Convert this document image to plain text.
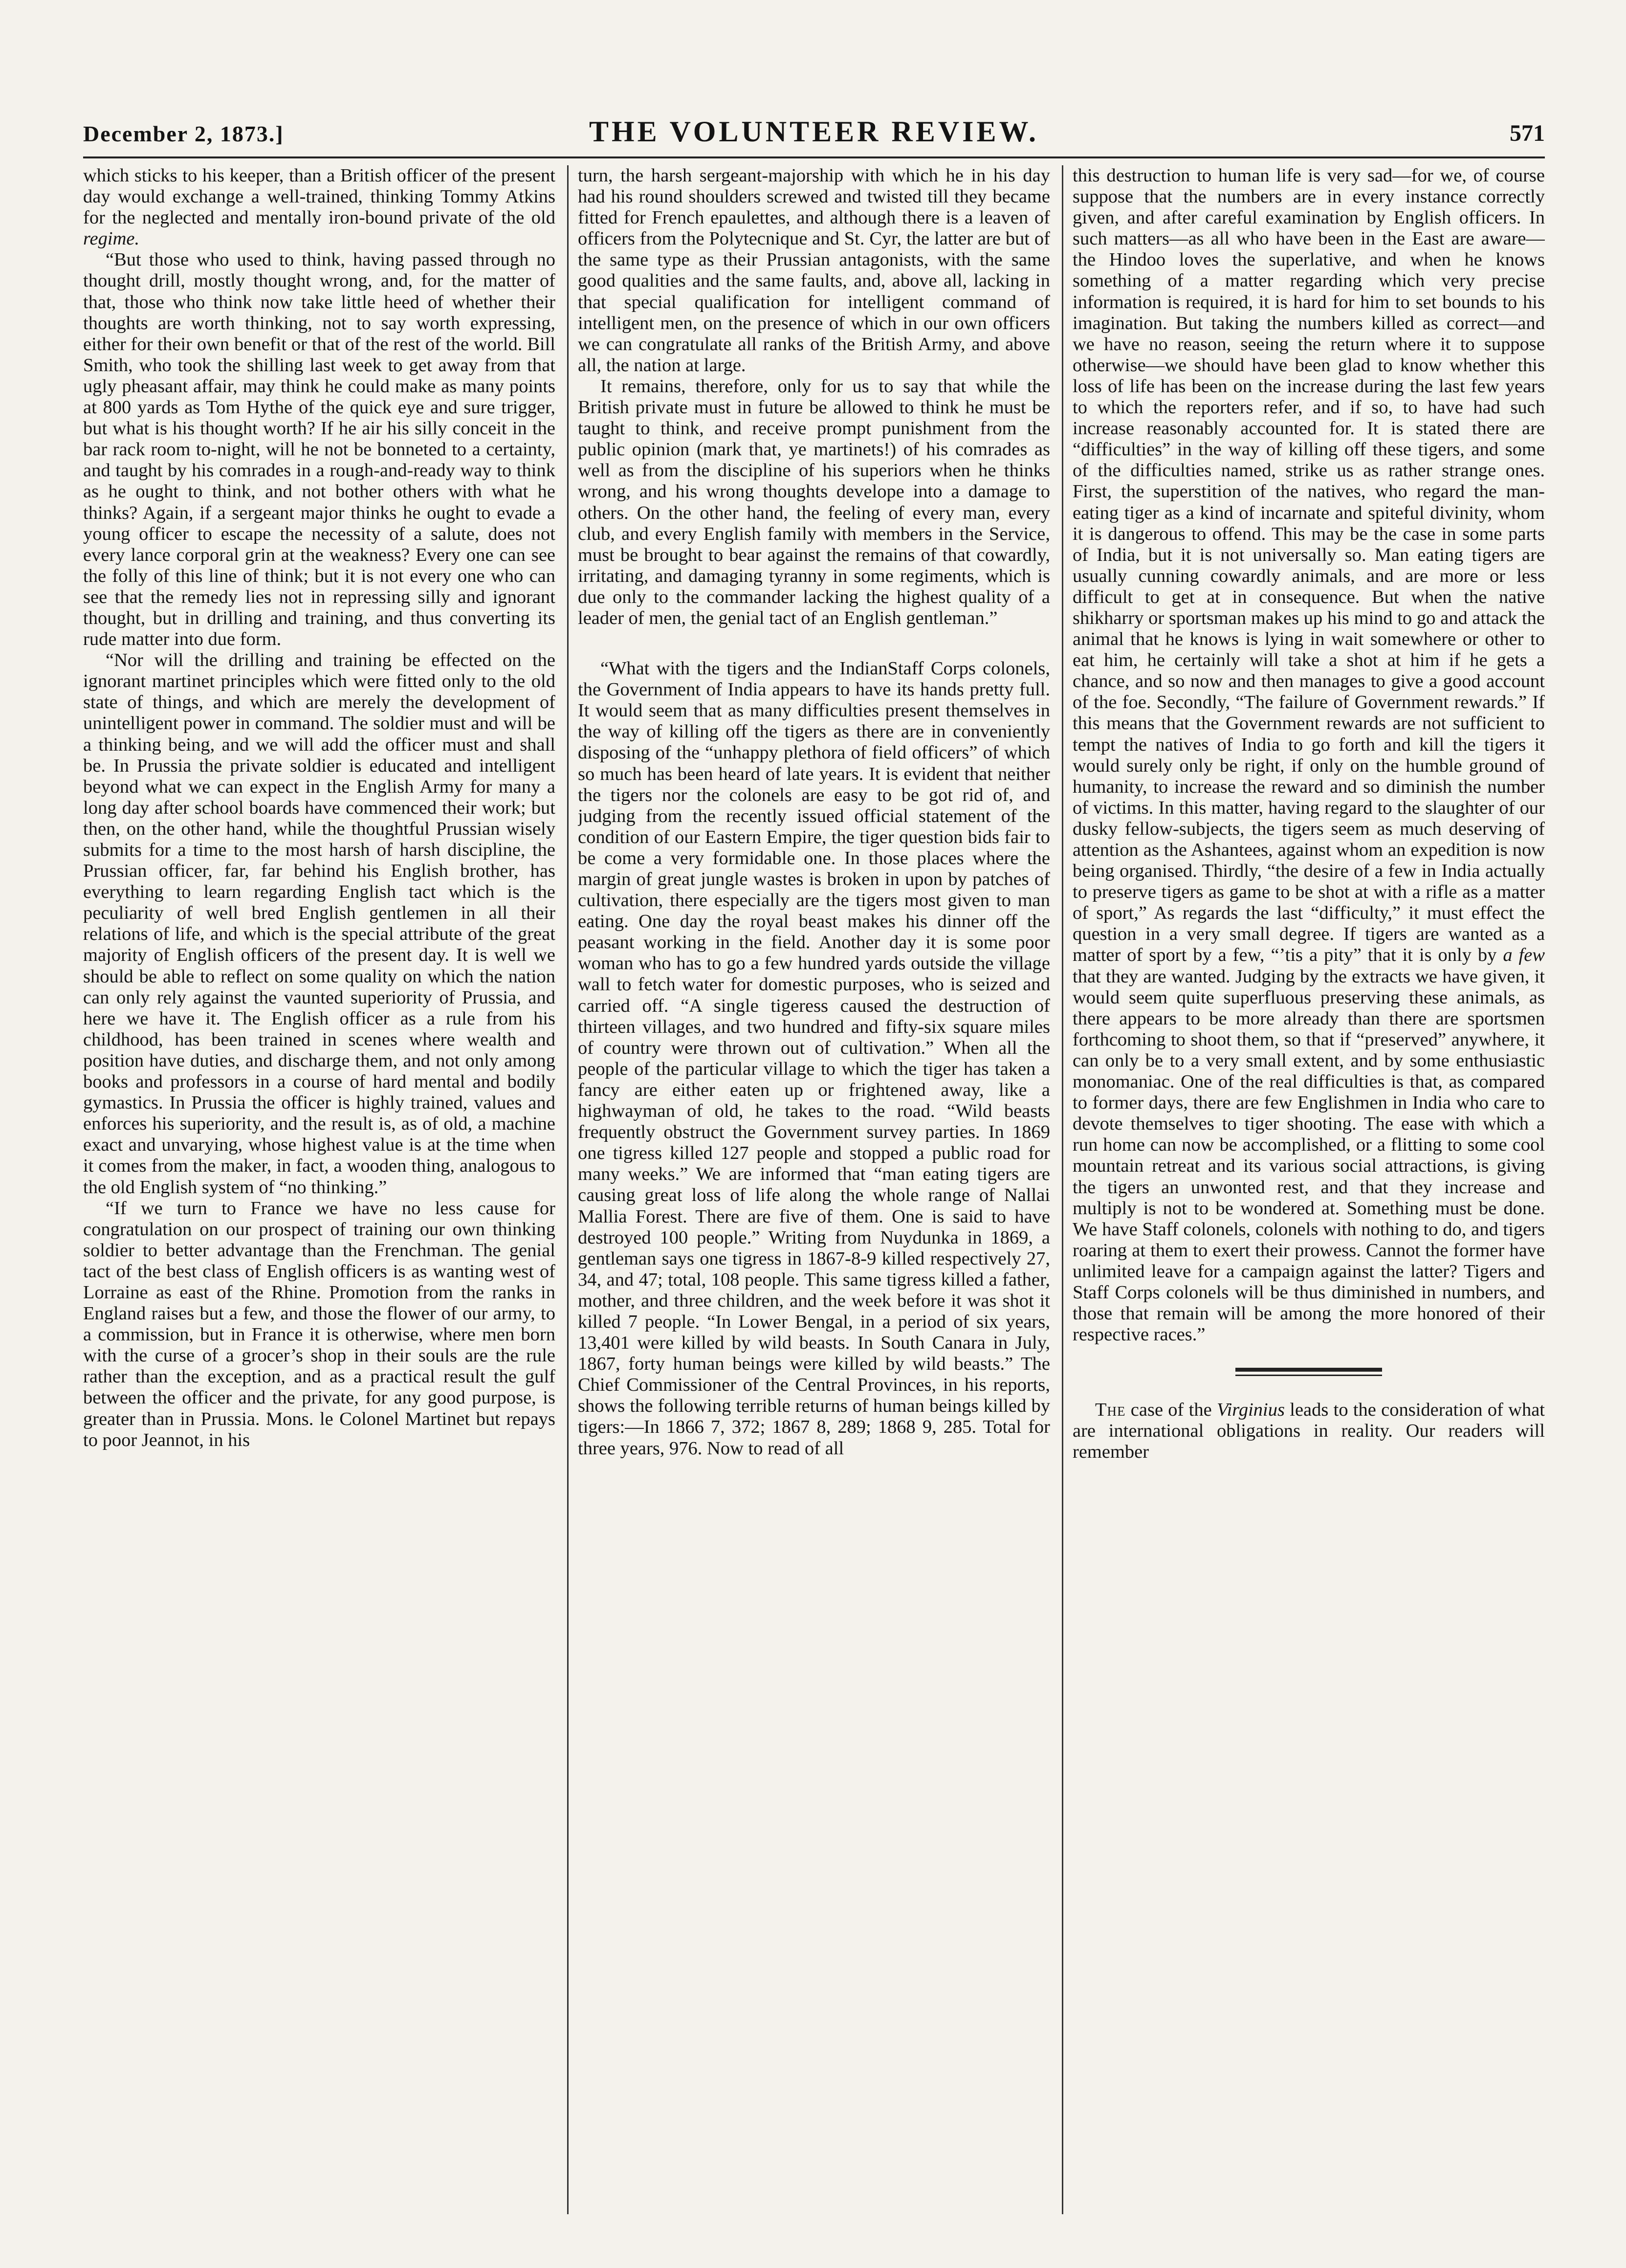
December 2, 1873.]	THE VOLUNTEER REVIEW.	571

which sticks to his keeper, than a British officer of the present day would exchange a well-trained, thinking Tommy Atkins for the neglected and mentally iron-bound private of the old regime.

“But those who used to think, having passed through no thought drill, mostly thought wrong, and, for the matter of that, those who think now take little heed of whether their thoughts are worth thinking, not to say worth expressing, either for their own benefit or that of the rest of the world. Bill Smith, who took the shilling last week to get away from that ugly pheasant affair, may think he could make as many points at 800 yards as Tom Hythe of the quick eye and sure trigger, but what is his thought worth? If he air his silly conceit in the bar rack room to-night, will he not be bonneted to a certainty, and taught by his comrades in a rough-and-ready way to think as he ought to think, and not bother others with what he thinks? Again, if a sergeant major thinks he ought to evade a young officer to escape the necessity of a salute, does not every lance corporal grin at the weakness? Every one can see the folly of this line of think; but it is not every one who can see that the remedy lies not in repressing silly and ignorant thought, but in drilling and training, and thus converting its rude matter into due form.

“Nor will the drilling and training be effected on the ignorant martinet principles which were fitted only to the old state of things, and which are merely the development of unintelligent power in command. The soldier must and will be a thinking being, and we will add the officer must and shall be. In Prussia the private soldier is educated and intelligent beyond what we can expect in the English Army for many a long day after school boards have commenced their work; but then, on the other hand, while the thoughtful Prussian wisely submits for a time to the most harsh of harsh discipline, the Prussian officer, far, far behind his English brother, has everything to learn regarding English tact which is the peculiarity of well bred English gentlemen in all their relations of life, and which is the special attribute of the great majority of English officers of the present day. It is well we should be able to reflect on some quality on which the nation can only rely against the vaunted superiority of Prussia, and here we have it. The English officer as a rule from his childhood, has been trained in scenes where wealth and position have duties, and discharge them, and not only among books and professors in a course of hard mental and bodily gymastics. In Prussia the officer is highly trained, values and enforces his superiority, and the result is, as of old, a machine exact and unvarying, whose highest value is at the time when it comes from the maker, in fact, a wooden thing, analogous to the old English system of “no thinking.”

“If we turn to France we have no less cause for congratulation on our prospect of training our own thinking soldier to better advantage than the Frenchman. The genial tact of the best class of English officers is as wanting west of Lorraine as east of the Rhine. Promotion from the ranks in England raises but a few, and those the flower of our army, to a commission, but in France it is otherwise, where men born with the curse of a grocer’s shop in their souls are the rule rather than the exception, and as a practical result the gulf between the officer and the private, for any good purpose, is greater than in Prussia. Mons. le Colonel Martinet but repays to poor Jeannot, in his

turn, the harsh sergeant-majorship with which he in his day had his round shoulders screwed and twisted till they became fitted for French epaulettes, and although there is a leaven of officers from the Polytecnique and St. Cyr, the latter are but of the same type as their Prussian antagonists, with the same good qualities and the same faults, and, above all, lacking in that special qualification for intelligent command of intelligent men, on the presence of which in our own officers we can congratulate all ranks of the British Army, and above all, the nation at large.

It remains, therefore, only for us to say that while the British private must in future be allowed to think he must be taught to think, and receive prompt punishment from the public opinion (mark that, ye martinets!) of his comrades as well as from the discipline of his superiors when he thinks wrong, and his wrong thoughts develope into a damage to others. On the other hand, the feeling of every man, every club, and every English family with members in the Service, must be brought to bear against the remains of that cowardly, irritating, and damaging tyranny in some regiments, which is due only to the commander lacking the highest quality of a leader of men, the genial tact of an English gentleman.”

“What with the tigers and the IndianStaff Corps colonels, the Government of India appears to have its hands pretty full. It would seem that as many difficulties present themselves in the way of killing off the tigers as there are in conveniently disposing of the “unhappy plethora of field officers” of which so much has been heard of late years. It is evident that neither the tigers nor the colonels are easy to be got rid of, and judging from the recently issued official statement of the condition of our Eastern Empire, the tiger question bids fair to be come a very formidable one. In those places where the margin of great jungle wastes is broken in upon by patches of cultivation, there especially are the tigers most given to man eating. One day the royal beast makes his dinner off the peasant working in the field. Another day it is some poor woman who has to go a few hundred yards outside the village wall to fetch water for domestic purposes, who is seized and carried off. “A single tigeress caused the destruction of thirteen villages, and two hundred and fifty-six square miles of country were thrown out of cultivation.” When all the people of the particular village to which the tiger has taken a fancy are either eaten up or frightened away, like a highwayman of old, he takes to the road. “Wild beasts frequently obstruct the Government survey parties. In 1869 one tigress killed 127 people and stopped a public road for many weeks.” We are informed that “man eating tigers are causing great loss of life along the whole range of Nallai Mallia Forest. There are five of them. One is said to have destroyed 100 people.” Writing from Nuydunka in 1869, a gentleman says one tigress in 1867-8-9 killed respectively 27, 34, and 47; total, 108 people. This same tigress killed a father, mother, and three children, and the week before it was shot it killed 7 people. “In Lower Bengal, in a period of six years, 13,401 were killed by wild beasts. In South Canara in July, 1867, forty human beings were killed by wild beasts.” The Chief Commissioner of the Central Provinces, in his reports, shows the following terrible returns of human beings killed by tigers:—In 1866 7, 372; 1867 8, 289; 1868 9, 285. Total for three years, 976. Now to read of all

this destruction to human life is very sad—for we, of course suppose that the numbers are in every instance correctly given, and after careful examination by English officers. In such matters—as all who have been in the East are aware—the Hindoo loves the superlative, and when he knows something of a matter regarding which very precise information is required, it is hard for him to set bounds to his imagination. But taking the numbers killed as correct—and we have no reason, seeing the return where it to suppose otherwise—we should have been glad to know whether this loss of life has been on the increase during the last few years to which the reporters refer, and if so, to have had such increase reasonably accounted for. It is stated there are “difficulties” in the way of killing off these tigers, and some of the difficulties named, strike us as rather strange ones. First, the superstition of the natives, who regard the man-eating tiger as a kind of incarnate and spiteful divinity, whom it is dangerous to offend. This may be the case in some parts of India, but it is not universally so. Man eating tigers are usually cunning cowardly animals, and are more or less difficult to get at in consequence. But when the native shikharry or sportsman makes up his mind to go and attack the animal that he knows is lying in wait somewhere or other to eat him, he certainly will take a shot at him if he gets a chance, and so now and then manages to give a good account of the foe. Secondly, “The failure of Government rewards.” If this means that the Government rewards are not sufficient to tempt the natives of India to go forth and kill the tigers it would surely only be right, if only on the humble ground of humanity, to increase the reward and so diminish the number of victims. In this matter, having regard to the slaughter of our dusky fellow-subjects, the tigers seem as much deserving of attention as the Ashantees, against whom an expedition is now being organised. Thirdly, “the desire of a few in India actually to preserve tigers as game to be shot at with a rifle as a matter of sport,” As regards the last “difficulty,” it must effect the question in a very small degree. If tigers are wanted as a matter of sport by a few, “’tis a pity” that it is only by a few that they are wanted. Judging by the extracts we have given, it would seem quite superfluous preserving these animals, as there appears to be more already than there are sportsmen forthcoming to shoot them, so that if “preserved” anywhere, it can only be to a very small extent, and by some enthusiastic monomaniac. One of the real difficulties is that, as compared to former days, there are few Englishmen in India who care to devote themselves to tiger shooting. The ease with which a run home can now be accomplished, or a flitting to some cool mountain retreat and its various social attractions, is giving the tigers an unwonted rest, and that they increase and multiply is not to be wondered at. Something must be done. We have Staff colonels, colonels with nothing to do, and tigers roaring at them to exert their prowess. Cannot the former have unlimited leave for a campaign against the latter? Tigers and Staff Corps colonels will be thus diminished in numbers, and those that remain will be among the more honored of their respective races.”

The case of the Virginius leads to the consideration of what are international obligations in reality. Our readers will remember
